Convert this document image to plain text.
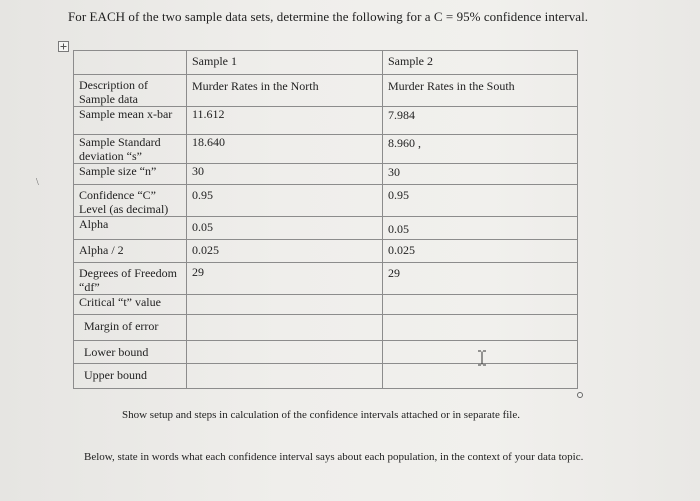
For EACH of the two sample data sets, determine the following for a C = 95% confidence interval.
\
	Sample 1	Sample 2
Description of Sample data	Murder Rates in the North	Murder Rates in the South
Sample mean x-bar	11.612	7.984
Sample Standard deviation “s”	18.640	8.960 ,
Sample size “n”	30	30
Confidence “C” Level (as decimal)	0.95	0.95
Alpha	0.05	0.05
Alpha / 2	0.025	0.025
Degrees of Freedom “df”	29	29
Critical “t” value		
Margin of error		
Lower bound		
Upper bound		
Show setup and steps in calculation of the confidence intervals attached or in separate file.
Below, state in words what each confidence interval says about each population, in the context of your data topic.
